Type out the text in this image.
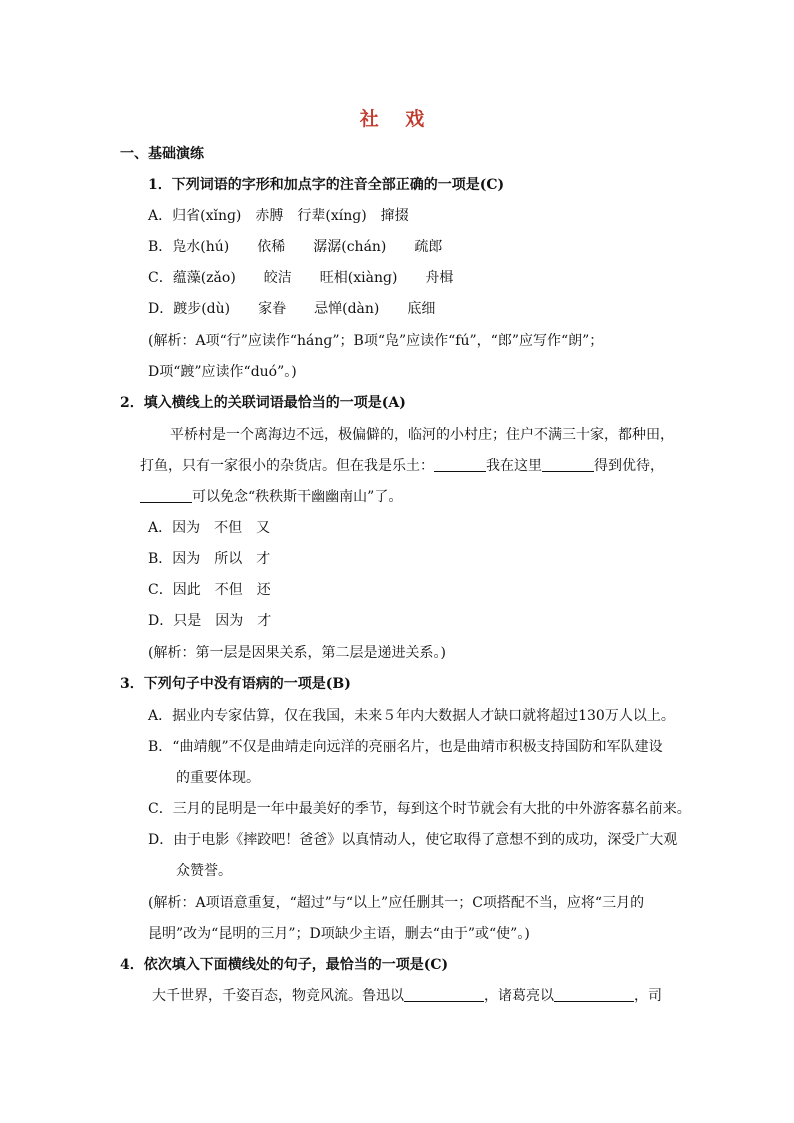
社 戏
一、基础演练
1．下列词语的字形和加点字的注音全部正确的一项是(C)
A．归省(xǐnɡ)　赤膊　行辈(xínɡ)　撺掇
B．凫水(hú)　　依稀　　潺潺(chán)　　疏郎
C．蕴藻(zǎo)　　皎洁　　旺相(xiànɡ)　　舟楫
D．踱步(dù)　　家眷　　忌惮(dàn)　　底细
(解析：A项“行”应读作“hánɡ”；B项“凫”应读作“fú”，“郎”应写作“朗”；
D项“踱”应读作“duó”。)
2．填入横线上的关联词语最恰当的一项是(A)
平桥村是一个离海边不远，极偏僻的，临河的小村庄；住户不满三十家，都种田，
打鱼，只有一家很小的杂货店。但在我是乐土：	我在这里	得到优待，
可以免念“秩秩斯干幽幽南山”了。
A．因为　不但　又
B．因为　所以　才
C．因此　不但　还
D．只是　因为　才
(解析：第一层是因果关系，第二层是递进关系。)
3．下列句子中没有语病的一项是(B)
A．据业内专家估算，仅在我国，未来５年内大数据人才缺口就将超过130万人以上。
B．“曲靖舰”不仅是曲靖走向远洋的亮丽名片，也是曲靖市积极支持国防和军队建设
的重要体现。
C．三月的昆明是一年中最美好的季节，每到这个时节就会有大批的中外游客慕名前来。
D．由于电影《摔跤吧！爸爸》以真情动人，使它取得了意想不到的成功，深受广大观
众赞誉。
(解析：A项语意重复，“超过”与“以上”应任删其一；C项搭配不当，应将“三月的
昆明”改为“昆明的三月”；D项缺少主语，删去“由于”或“使”。)
4．依次填入下面横线处的句子，最恰当的一项是(C)
大千世界，千姿百态，物竞风流。鲁迅以	，诸葛亮以	，司
